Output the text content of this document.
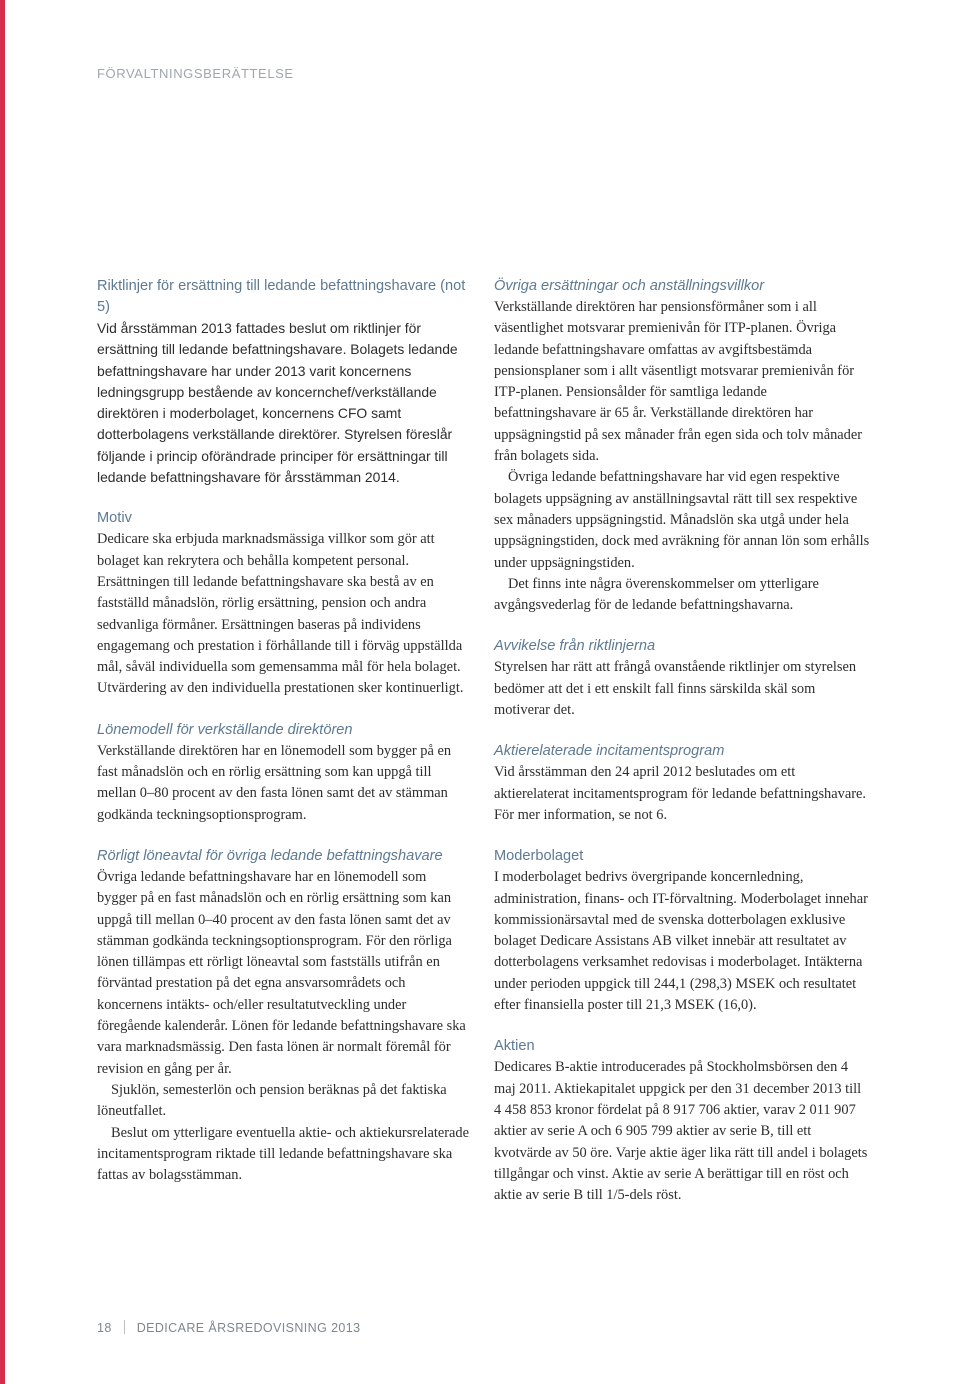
FÖRVALTNINGSBERÄTTELSE
Riktlinjer för ersättning till ledande befattningshavare (not 5)

Vid årsstämman 2013 fattades beslut om riktlinjer för ersättning till ledande befattningshavare. Bolagets ledande befattningshavare har under 2013 varit koncernens ledningsgrupp bestående av koncernchef/verkställande direktören i moderbolaget, koncernens CFO samt dotterbolagens verkställande direktörer. Styrelsen föreslår följande i princip oförändrade principer för ersättningar till ledande befattningshavare för årsstämman 2014.

Motiv

Dedicare ska erbjuda marknadsmässiga villkor som gör att bolaget kan rekrytera och behålla kompetent personal. Ersättningen till ledande befattningshavare ska bestå av en fastställd månadslön, rörlig ersättning, pension och andra sedvanliga förmåner. Ersättningen baseras på individens engagemang och prestation i förhållande till i förväg uppställda mål, såväl individuella som gemensamma mål för hela bolaget. Utvärdering av den individuella prestationen sker kontinuerligt.

Lönemodell för verkställande direktören

Verkställande direktören har en lönemodell som bygger på en fast månadslön och en rörlig ersättning som kan uppgå till mellan 0–80 procent av den fasta lönen samt det av stämman godkända teckningsoptionsprogram.

Rörligt löneavtal för övriga ledande befattningshavare

Övriga ledande befattningshavare har en lönemodell som bygger på en fast månadslön och en rörlig ersättning som kan uppgå till mellan 0–40 procent av den fasta lönen samt det av stämman godkända teckningsoptionsprogram. För den rörliga lönen tillämpas ett rörligt löneavtal som fastställs utifrån en förväntad prestation på det egna ansvarsområdets och koncernens intäkts- och/eller resultatutveckling under föregående kalenderår. Lönen för ledande befattningshavare ska vara marknadsmässig. Den fasta lönen är normalt föremål för revision en gång per år.

Sjuklön, semesterlön och pension beräknas på det faktiska löneutfallet.

Beslut om ytterligare eventuella aktie- och aktiekursrelaterade incitamentsprogram riktade till ledande befattningshavare ska fattas av bolagsstämman.

Övriga ersättningar och anställningsvillkor

Verkställande direktören har pensionsförmåner som i all väsentlighet motsvarar premienivån för ITP-planen. Övriga ledande befattningshavare omfattas av avgiftsbestämda pensionsplaner som i allt väsentligt motsvarar premienivån för ITP-planen. Pensionsålder för samtliga ledande befattningshavare är 65 år. Verkställande direktören har uppsägningstid på sex månader från egen sida och tolv månader från bolagets sida.

Övriga ledande befattningshavare har vid egen respektive bolagets uppsägning av anställningsavtal rätt till sex respektive sex månaders uppsägningstid. Månadslön ska utgå under hela uppsägningstiden, dock med avräkning för annan lön som erhålls under uppsägningstiden.

Det finns inte några överenskommelser om ytterligare avgångsvederlag för de ledande befattningshavarna.

Avvikelse från riktlinjerna

Styrelsen har rätt att frångå ovanstående riktlinjer om styrelsen bedömer att det i ett enskilt fall finns särskilda skäl som motiverar det.

Aktierelaterade incitamentsprogram

Vid årsstämman den 24 april 2012 beslutades om ett aktierelaterat incitamentsprogram för ledande befattningshavare. För mer information, se not 6.

Moderbolaget

I moderbolaget bedrivs övergripande koncernledning, administration, finans- och IT-förvaltning. Moderbolaget innehar kommissionärsavtal med de svenska dotterbolagen exklusive bolaget Dedicare Assistans AB vilket innebär att resultatet av dotterbolagens verksamhet redovisas i moderbolaget. Intäkterna under perioden uppgick till 244,1 (298,3) MSEK och resultatet efter finansiella poster till 21,3 MSEK (16,0).

Aktien

Dedicares B-aktie introducerades på Stockholmsbörsen den 4 maj 2011. Aktiekapitalet uppgick per den 31 december 2013 till 4 458 853 kronor fördelat på 8 917 706 aktier, varav 2 011 907 aktier av serie A och 6 905 799 aktier av serie B, till ett kvotvärde av 50 öre. Varje aktie äger lika rätt till andel i bolagets tillgångar och vinst. Aktie av serie A berättigar till en röst och aktie av serie B till 1/5-dels röst.

18 DEDICARE ÅRSREDOVISNING 2013
